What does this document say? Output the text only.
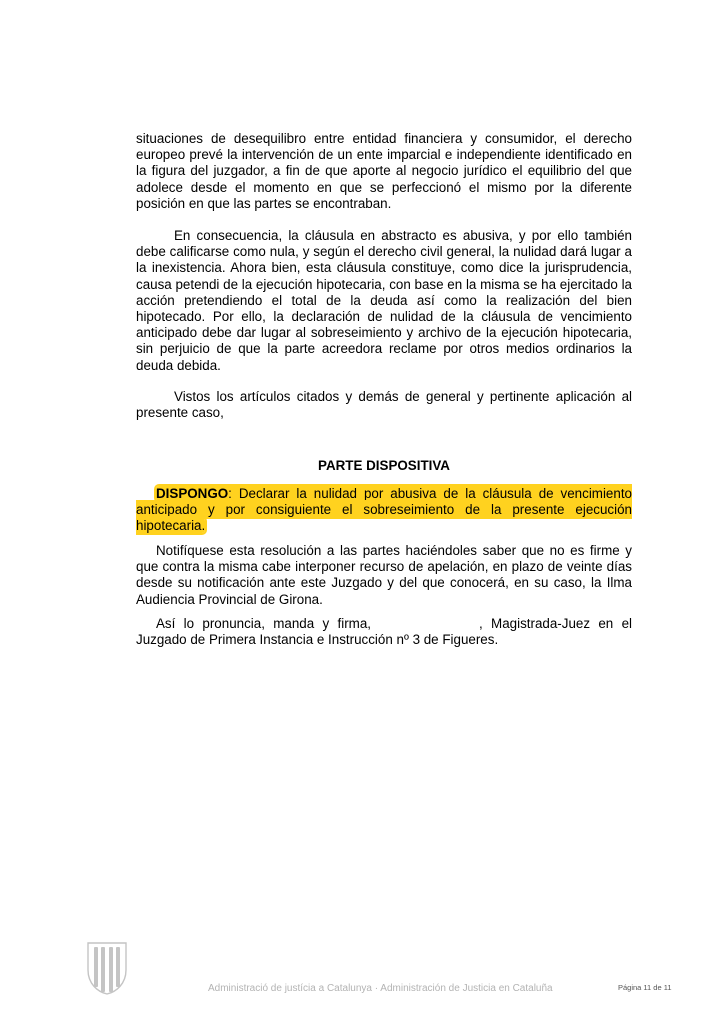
situaciones de desequilibro entre entidad financiera y consumidor, el derecho europeo prevé la intervención de un ente imparcial e independiente identificado en la figura del juzgador, a fin de que aporte al negocio jurídico el equilibrio del que adolece desde el momento en que se perfeccionó el mismo por la diferente posición en que las partes se encontraban.

En consecuencia, la cláusula en abstracto es abusiva, y por ello también debe calificarse como nula, y según el derecho civil general, la nulidad dará lugar a la inexistencia. Ahora bien, esta cláusula constituye, como dice la jurisprudencia, causa petendi de la ejecución hipotecaria, con base en la misma se ha ejercitado la acción pretendiendo el total de la deuda así como la realización del bien hipotecado. Por ello, la declaración de nulidad de la cláusula de vencimiento anticipado debe dar lugar al sobreseimiento y archivo de la ejecución hipotecaria, sin perjuicio de que la parte acreedora reclame por otros medios ordinarios la deuda debida.

Vistos los artículos citados y demás de general y pertinente aplicación al presente caso,

PARTE DISPOSITIVA

DISPONGO: Declarar la nulidad por abusiva de la cláusula de vencimiento anticipado y por consiguiente el sobreseimiento de la presente ejecución hipotecaria.

Notifíquese esta resolución a las partes haciéndoles saber que no es firme y que contra la misma cabe interponer recurso de apelación, en plazo de veinte días desde su notificación ante este Juzgado y del que conocerá, en su caso, la Ilma Audiencia Provincial de Girona.

Así lo pronuncia, manda y firma,	, Magistrada-Juez en el Juzgado de Primera Instancia e Instrucción nº 3 de Figueres.

Administració de justícia a Catalunya · Administración de Justicia en Cataluña	Página 11 de 11
